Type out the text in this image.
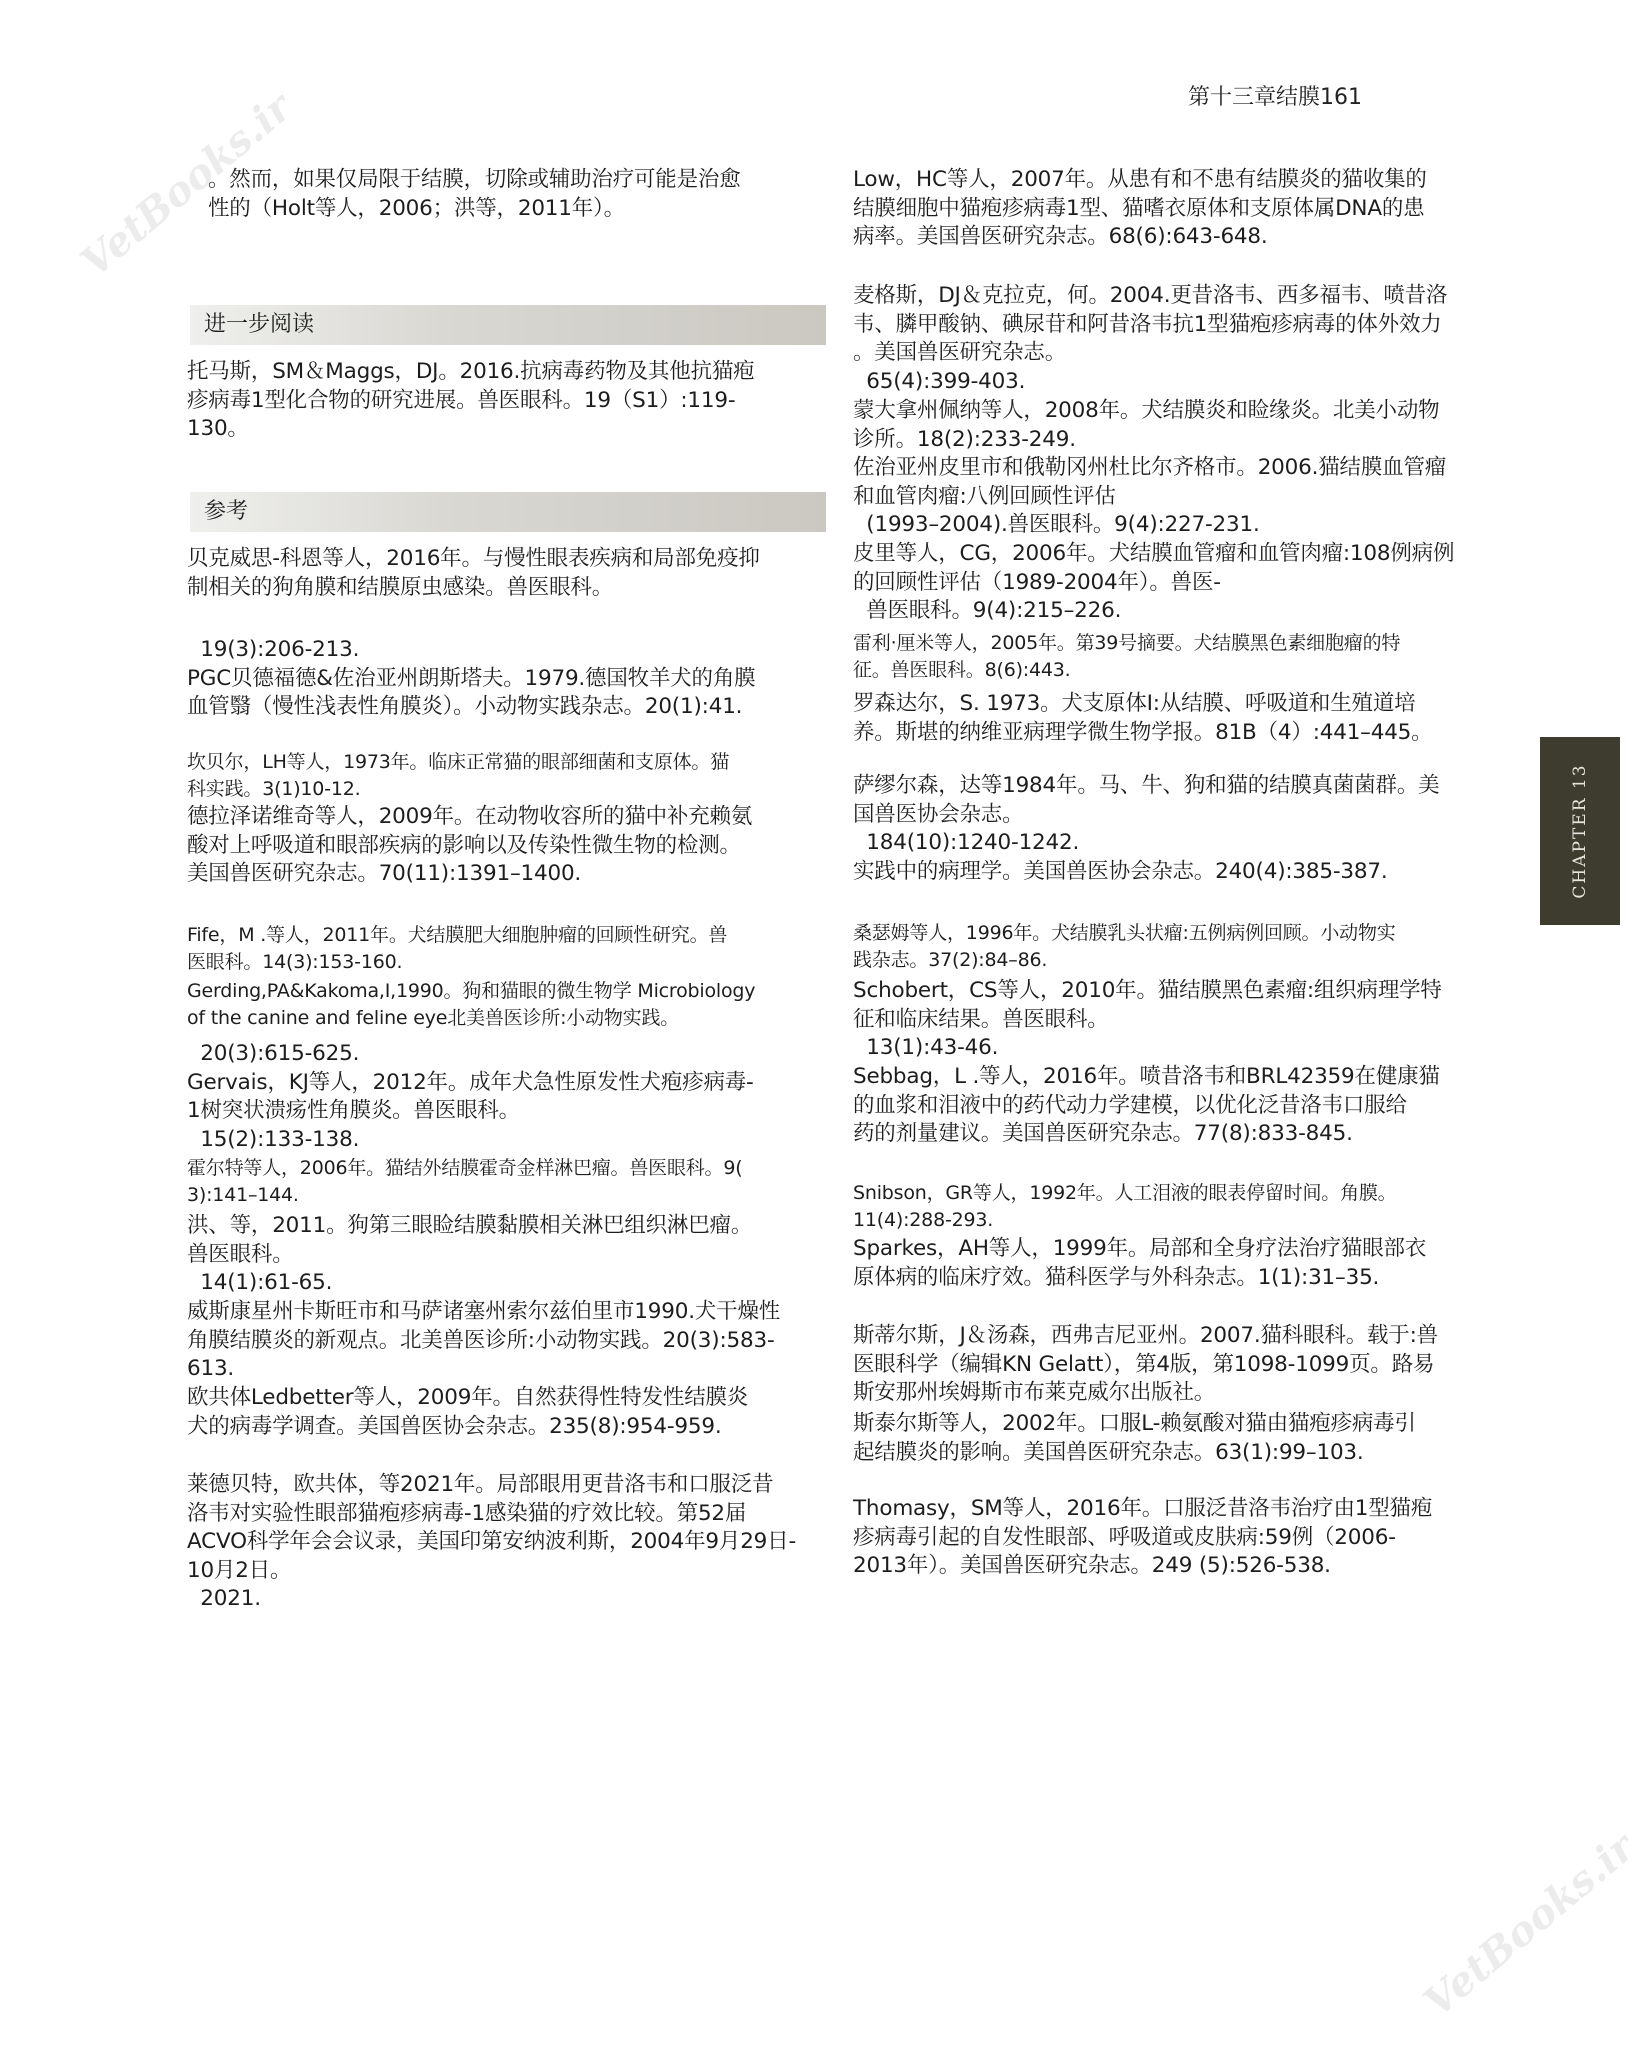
第十三章结膜161
VetBooks.ir
VetBooks.ir

。然而，如果仅局限于结膜，切除或辅助治疗可能是治愈
性的（Holt等人，2006；洪等，2011年）。

进一步阅读

托马斯，SM＆Maggs，DJ。2016.抗病毒药物及其他抗猫疱
疹病毒1型化合物的研究进展。兽医眼科。19（S1）:119-
130。

参考

贝克威思-科恩等人，2016年。与慢性眼表疾病和局部免疫抑
制相关的狗角膜和结膜原虫感染。兽医眼科。

19(3):206-213.
PGC贝德福德&佐治亚州朗斯塔夫。1979.德国牧羊犬的角膜
血管翳（慢性浅表性角膜炎）。小动物实践杂志。20(1):41.

坎贝尔，LH等人，1973年。临床正常猫的眼部细菌和支原体。猫
科实践。3(1)10-12.

德拉泽诺维奇等人，2009年。在动物收容所的猫中补充赖氨
酸对上呼吸道和眼部疾病的影响以及传染性微生物的检测。
美国兽医研究杂志。70(11):1391–1400.

Fife，M .等人，2011年。犬结膜肥大细胞肿瘤的回顾性研究。兽
医眼科。14(3):153-160.

Gerding,PA&Kakoma,I,1990。狗和猫眼的微生物学 Microbiology
of the canine and feline eye北美兽医诊所:小动物实践。

20(3):615-625.
Gervais，KJ等人，2012年。成年犬急性原发性犬疱疹病毒-
1树突状溃疡性角膜炎。兽医眼科。
15(2):133-138.

霍尔特等人，2006年。猫结外结膜霍奇金样淋巴瘤。兽医眼科。9(
3):141–144.

洪、等，2011。狗第三眼睑结膜黏膜相关淋巴组织淋巴瘤。
兽医眼科。
14(1):61-65.

威斯康星州卡斯旺市和马萨诸塞州索尔兹伯里市1990.犬干燥性
角膜结膜炎的新观点。北美兽医诊所:小动物实践。20(3):583-
613.

欧共体Ledbetter等人，2009年。自然获得性特发性结膜炎
犬的病毒学调查。美国兽医协会杂志。235(8):954-959.

莱德贝特，欧共体，等2021年。局部眼用更昔洛韦和口服泛昔
洛韦对实验性眼部猫疱疹病毒-1感染猫的疗效比较。第52届
ACVO科学年会会议录，美国印第安纳波利斯，2004年9月29日-
10月2日。
2021.

Low，HC等人，2007年。从患有和不患有结膜炎的猫收集的
结膜细胞中猫疱疹病毒1型、猫嗜衣原体和支原体属DNA的患
病率。美国兽医研究杂志。68(6):643-648.

麦格斯，DJ＆克拉克，何。2004.更昔洛韦、西多福韦、喷昔洛
韦、膦甲酸钠、碘尿苷和阿昔洛韦抗1型猫疱疹病毒的体外效力
。美国兽医研究杂志。
65(4):399-403.

蒙大拿州佩纳等人，2008年。犬结膜炎和睑缘炎。北美小动物
诊所。18(2):233-249.

佐治亚州皮里市和俄勒冈州杜比尔齐格市。2006.猫结膜血管瘤
和血管肉瘤:八例回顾性评估
(1993–2004).兽医眼科。9(4):227-231.

皮里等人，CG，2006年。犬结膜血管瘤和血管肉瘤:108例病例
的回顾性评估（1989-2004年）。兽医-
兽医眼科。9(4):215–226.

雷利·厘米等人，2005年。第39号摘要。犬结膜黑色素细胞瘤的特
征。兽医眼科。8(6):443.

罗森达尔，S. 1973。犬支原体I:从结膜、呼吸道和生殖道培
养。斯堪的纳维亚病理学微生物学报。81B（4）:441–445。

萨缪尔森，达等1984年。马、牛、狗和猫的结膜真菌菌群。美
国兽医协会杂志。
184(10):1240-1242.
实践中的病理学。美国兽医协会杂志。240(4):385-387.

桑瑟姆等人，1996年。犬结膜乳头状瘤:五例病例回顾。小动物实
践杂志。37(2):84–86.

Schobert，CS等人，2010年。猫结膜黑色素瘤:组织病理学特
征和临床结果。兽医眼科。
13(1):43-46.

Sebbag，L .等人，2016年。喷昔洛韦和BRL42359在健康猫
的血浆和泪液中的药代动力学建模，以优化泛昔洛韦口服给
药的剂量建议。美国兽医研究杂志。77(8):833-845.

Snibson，GR等人，1992年。人工泪液的眼表停留时间。角膜。
11(4):288-293.

Sparkes，AH等人，1999年。局部和全身疗法治疗猫眼部衣
原体病的临床疗效。猫科医学与外科杂志。1(1):31–35.

斯蒂尔斯，J＆汤森，西弗吉尼亚州。2007.猫科眼科。载于:兽
医眼科学（编辑KN Gelatt），第4版，第1098-1099页。路易
斯安那州埃姆斯市布莱克威尔出版社。

斯泰尔斯等人，2002年。口服L-赖氨酸对猫由猫疱疹病毒引
起结膜炎的影响。美国兽医研究杂志。63(1):99–103.

Thomasy，SM等人，2016年。口服泛昔洛韦治疗由1型猫疱
疹病毒引起的自发性眼部、呼吸道或皮肤病:59例（2006-
2013年）。美国兽医研究杂志。249 (5):526-538.

CHAPTER 13
